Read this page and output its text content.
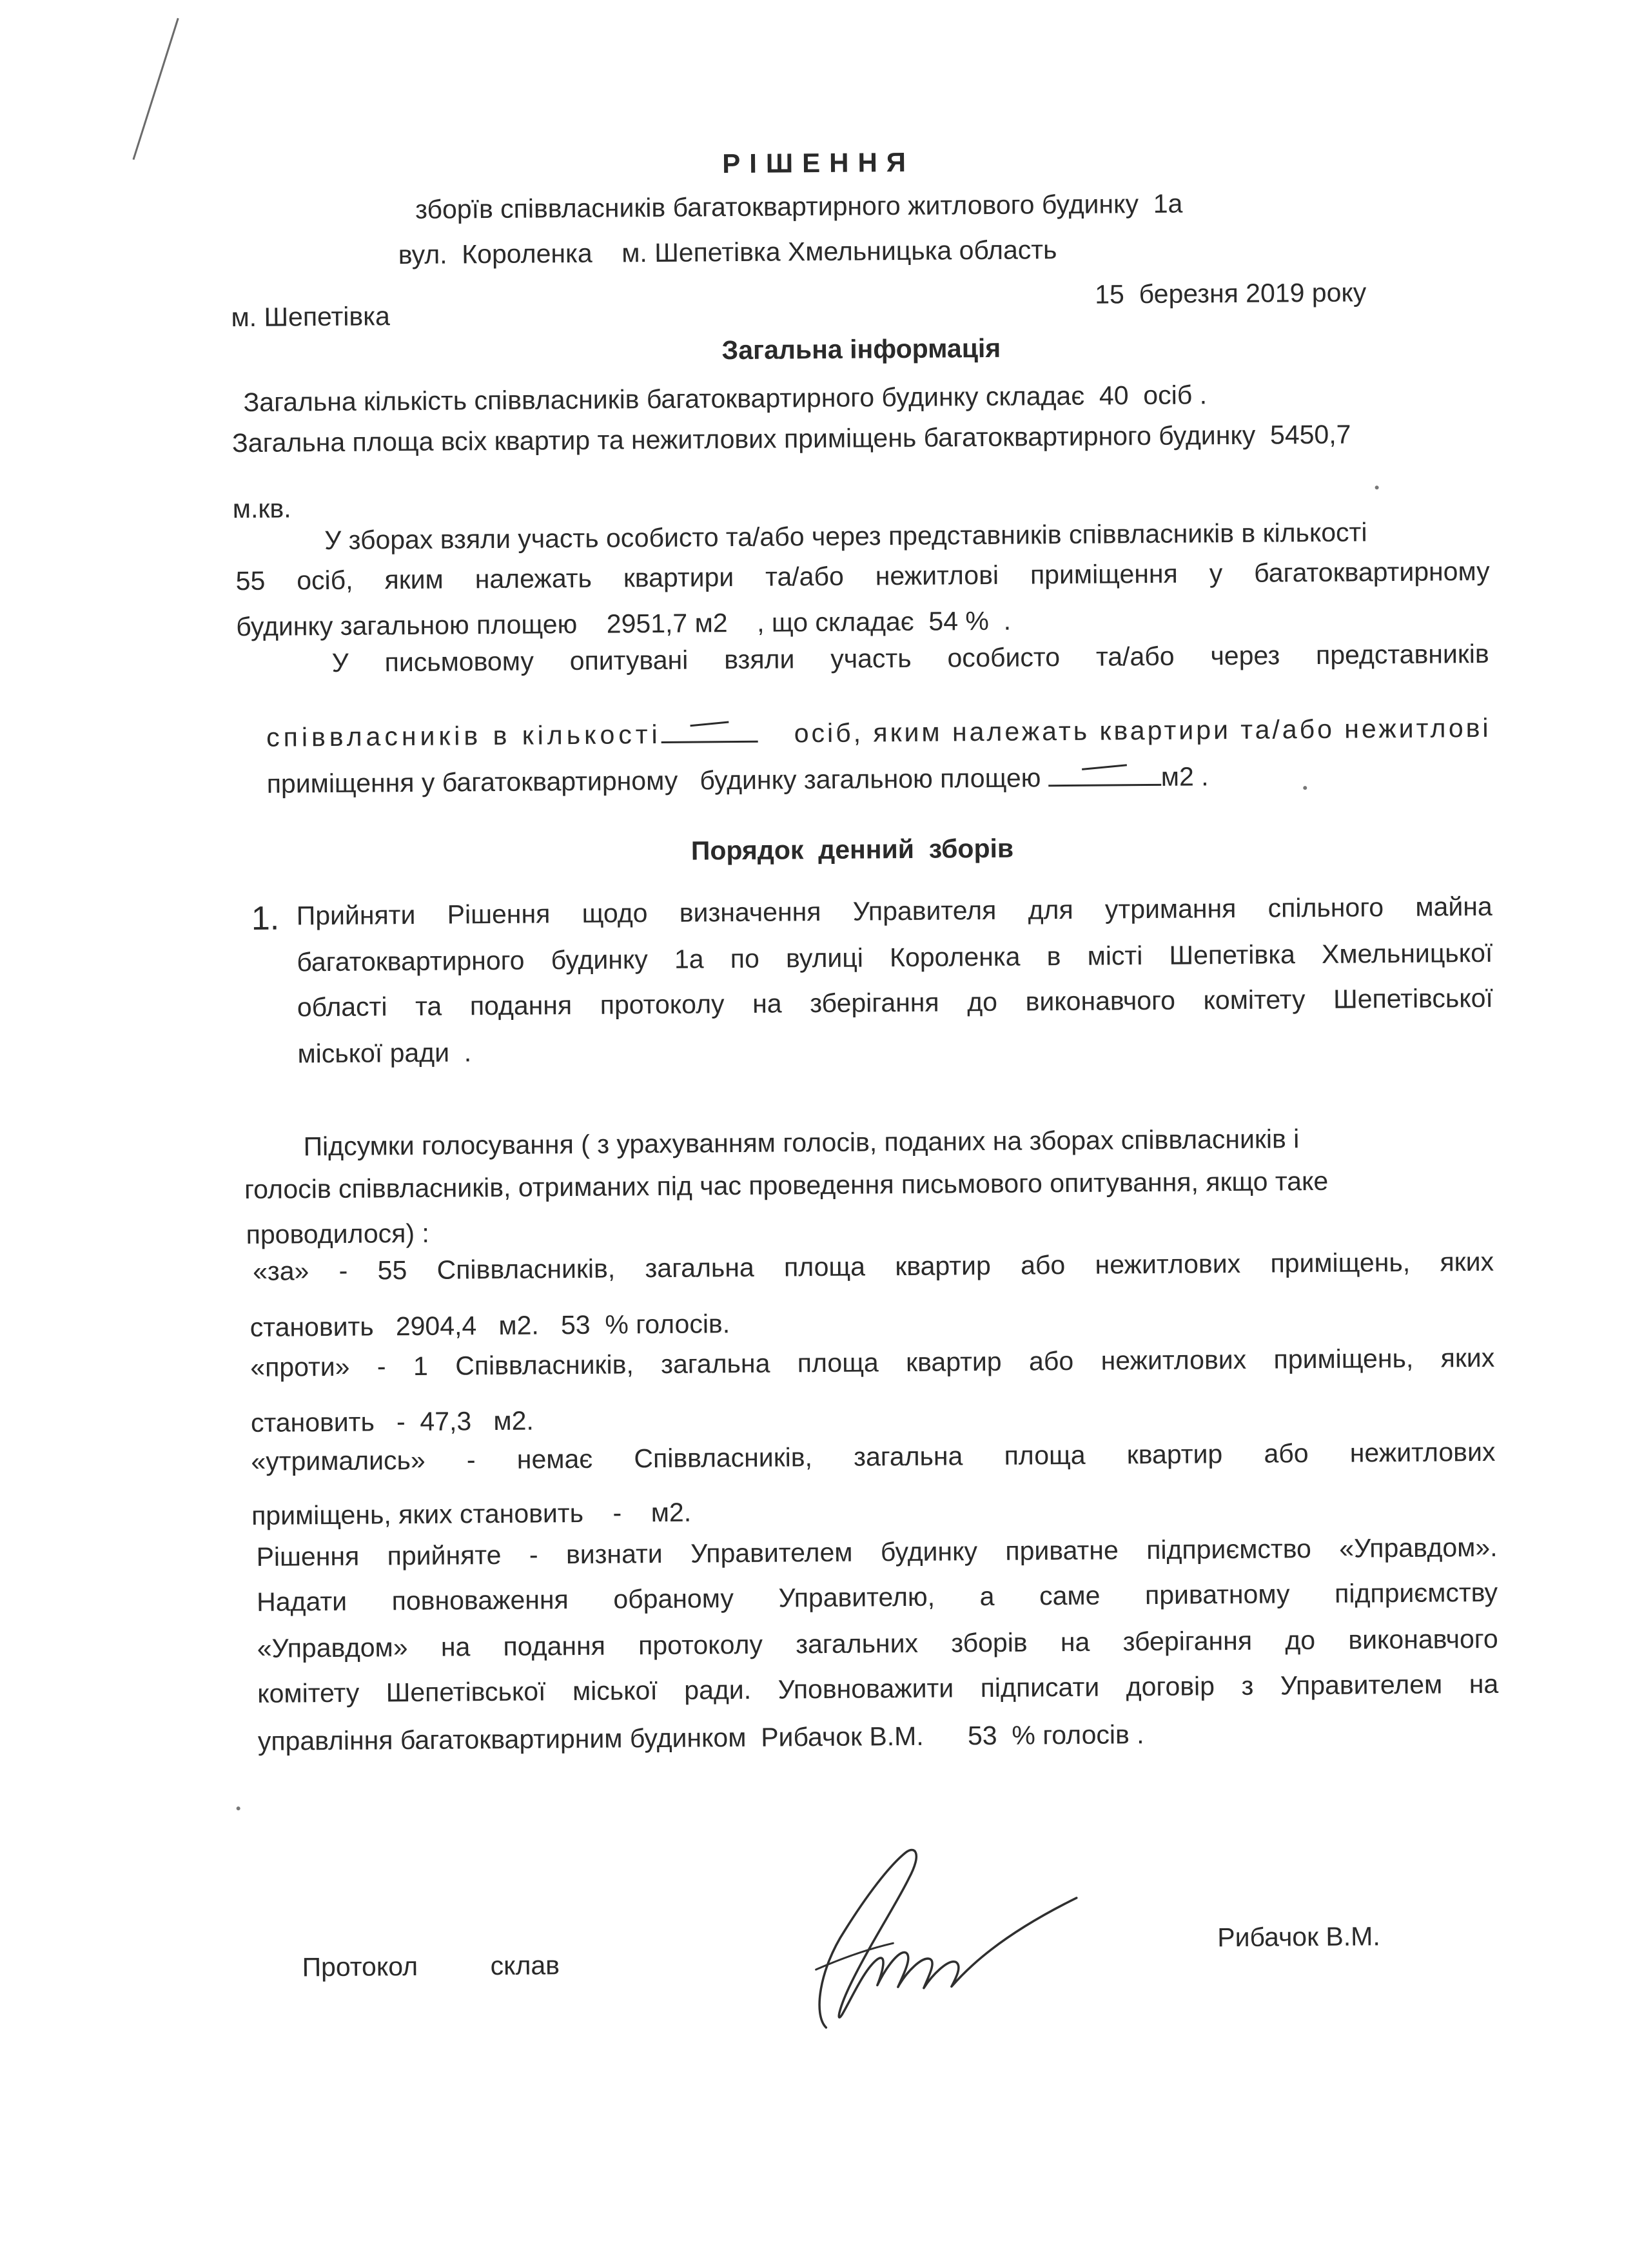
РІШЕННЯ
зборїв співвласників багатоквартирного житлового будинку  1а
вул.  Короленка    м. Шепетівка Хмельницька область
м. Шепетівка
15  березня 2019 року
Загальна інформація
Загальна кількість співвласників багатоквартирного будинку складає  40  осіб .
Загальна площа всіх квартир та нежитлових приміщень багатоквартирного будинку  5450,7
м.кв.
У зборах взяли участь особисто та/або через представників співвласників в кількості
55 осіб, яким належать квартири та/або нежитлові приміщення у багатоквартирному
будинку загальною площею    2951,7 м2    , що складає  54 %  .
У письмовому опитувані взяли участь особисто та/або через представників

співвласників в кількості	осіб, яким належать квартири та/або нежитлові

приміщення у багатоквартирному   будинку загальною площею	м2 .

Порядок  денний  зборів
1. Прийняти Рішення щодо визначення Управителя для утримання спільного майна
багатоквартирного будинку 1а по вулиці Короленка в місті Шепетівка Хмельницької
області та подання протоколу на зберігання до виконавчого комітету Шепетівської
міської ради  .
Підсумки голосування ( з урахуванням голосів, поданих на зборах співвласників і
голосів співвласників, отриманих під час проведення письмового опитування, якщо таке
проводилося) :
«за» - 55 Співвласників, загальна площа квартир або нежитлових приміщень, яких
становить   2904,4   м2.   53  % голосів.
«проти» - 1 Співвласників, загальна площа квартир або нежитлових приміщень, яких
становить   -  47,3   м2.
«утримались» - немає Співвласників, загальна площа квартир або нежитлових
приміщень, яких становить    -    м2.
Рішення прийняте - визнати Управителем будинку приватне підприємство «Управдом».
Надати повноваження обраному Управителю, а саме приватному підприємству
«Управдом» на подання протоколу загальних зборів на зберігання до виконавчого
комітету Шепетівської міської ради. Уповноважити підписати договір з Управителем на
управління багатоквартирним будинком  Рибачок В.М.      53  % голосів .
Протокол	склав
Рибачок В.М.
